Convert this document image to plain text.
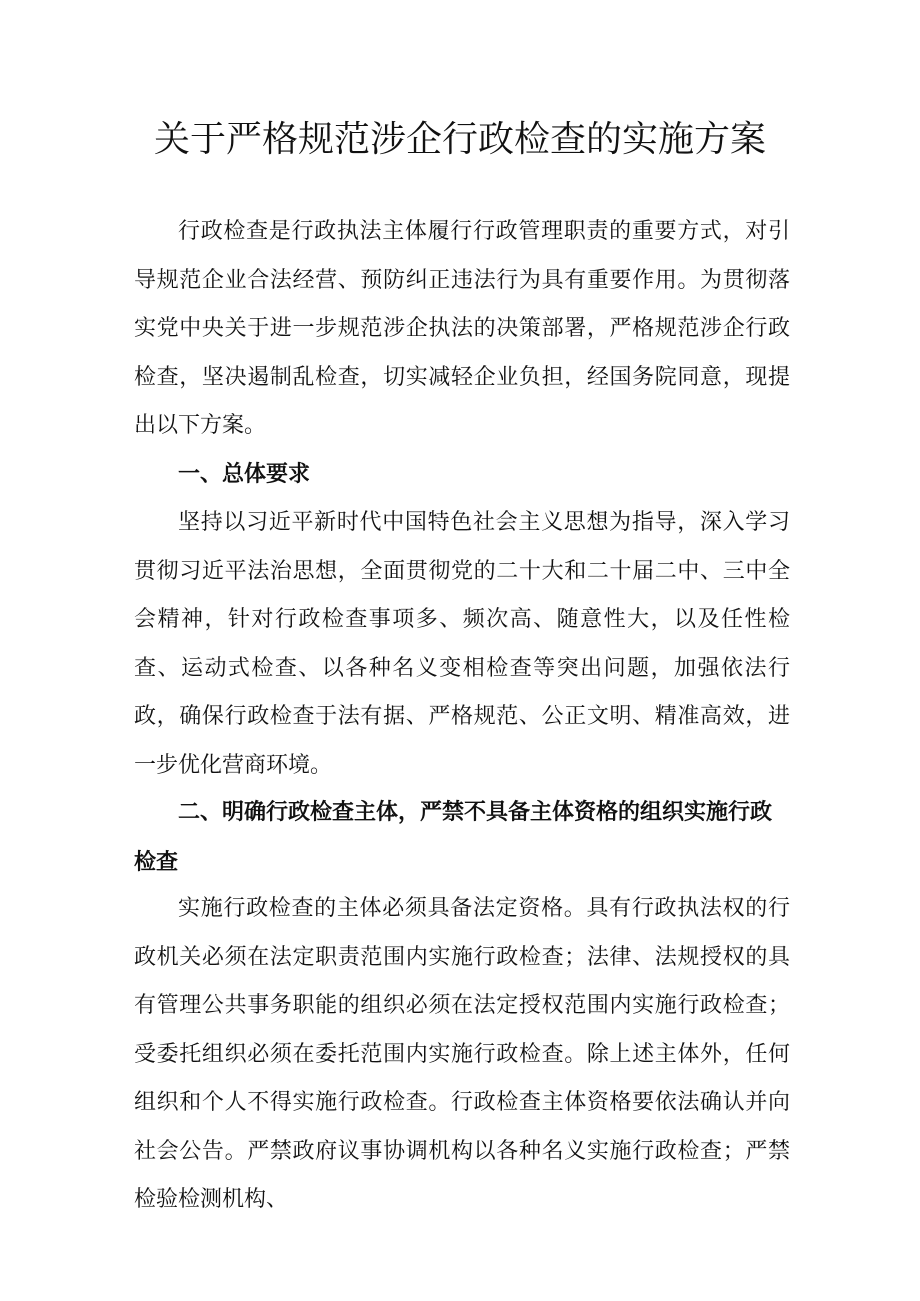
关于严格规范涉企行政检查的实施方案

行政检查是行政执法主体履行行政管理职责的重要方式，对引导规范企业合法经营、预防纠正违法行为具有重要作用。为贯彻落实党中央关于进一步规范涉企执法的决策部署，严格规范涉企行政检查，坚决遏制乱检查，切实减轻企业负担，经国务院同意，现提出以下方案。

一、总体要求

坚持以习近平新时代中国特色社会主义思想为指导，深入学习贯彻习近平法治思想，全面贯彻党的二十大和二十届二中、三中全会精神，针对行政检查事项多、频次高、随意性大，以及任性检查、运动式检查、以各种名义变相检查等突出问题，加强依法行政，确保行政检查于法有据、严格规范、公正文明、精准高效，进一步优化营商环境。

二、明确行政检查主体，严禁不具备主体资格的组织实施行政检查

实施行政检查的主体必须具备法定资格。具有行政执法权的行政机关必须在法定职责范围内实施行政检查；法律、法规授权的具有管理公共事务职能的组织必须在法定授权范围内实施行政检查；受委托组织必须在委托范围内实施行政检查。除上述主体外，任何组织和个人不得实施行政检查。行政检查主体资格要依法确认并向社会公告。严禁政府议事协调机构以各种名义实施行政检查；严禁检验检测机构、
